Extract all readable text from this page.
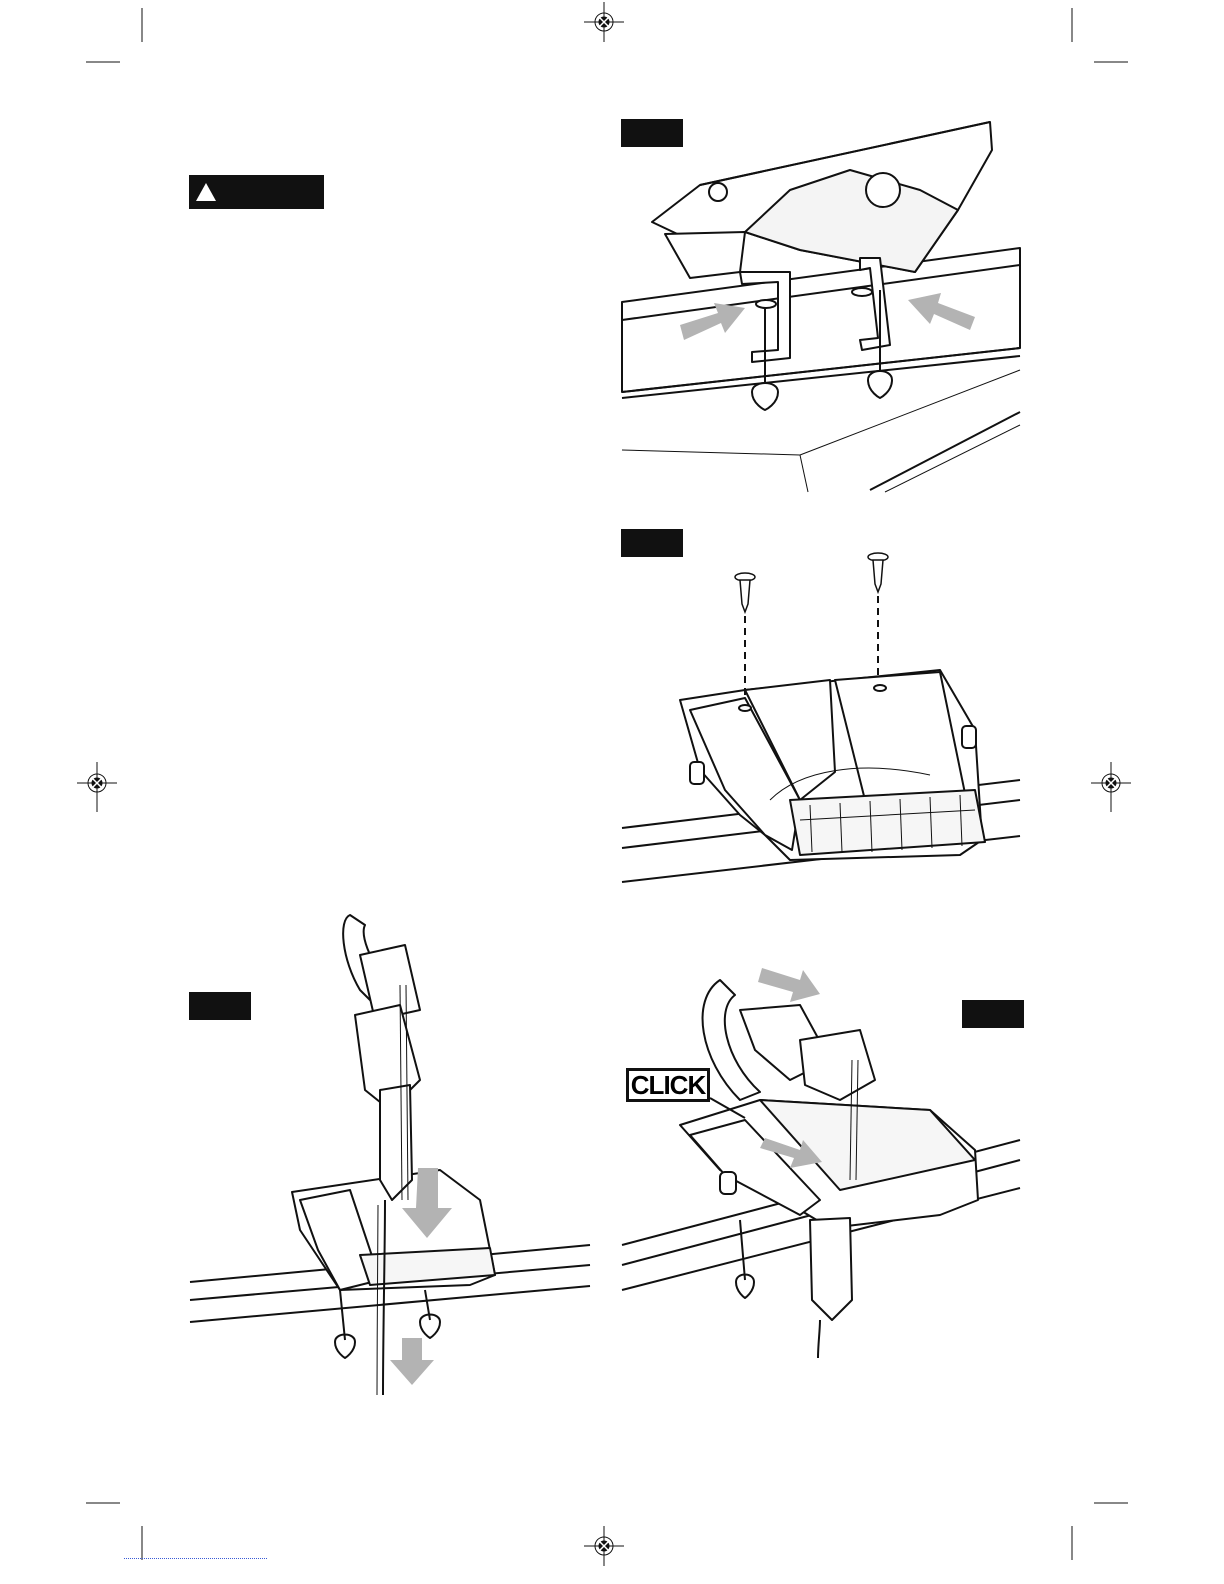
CLICK
